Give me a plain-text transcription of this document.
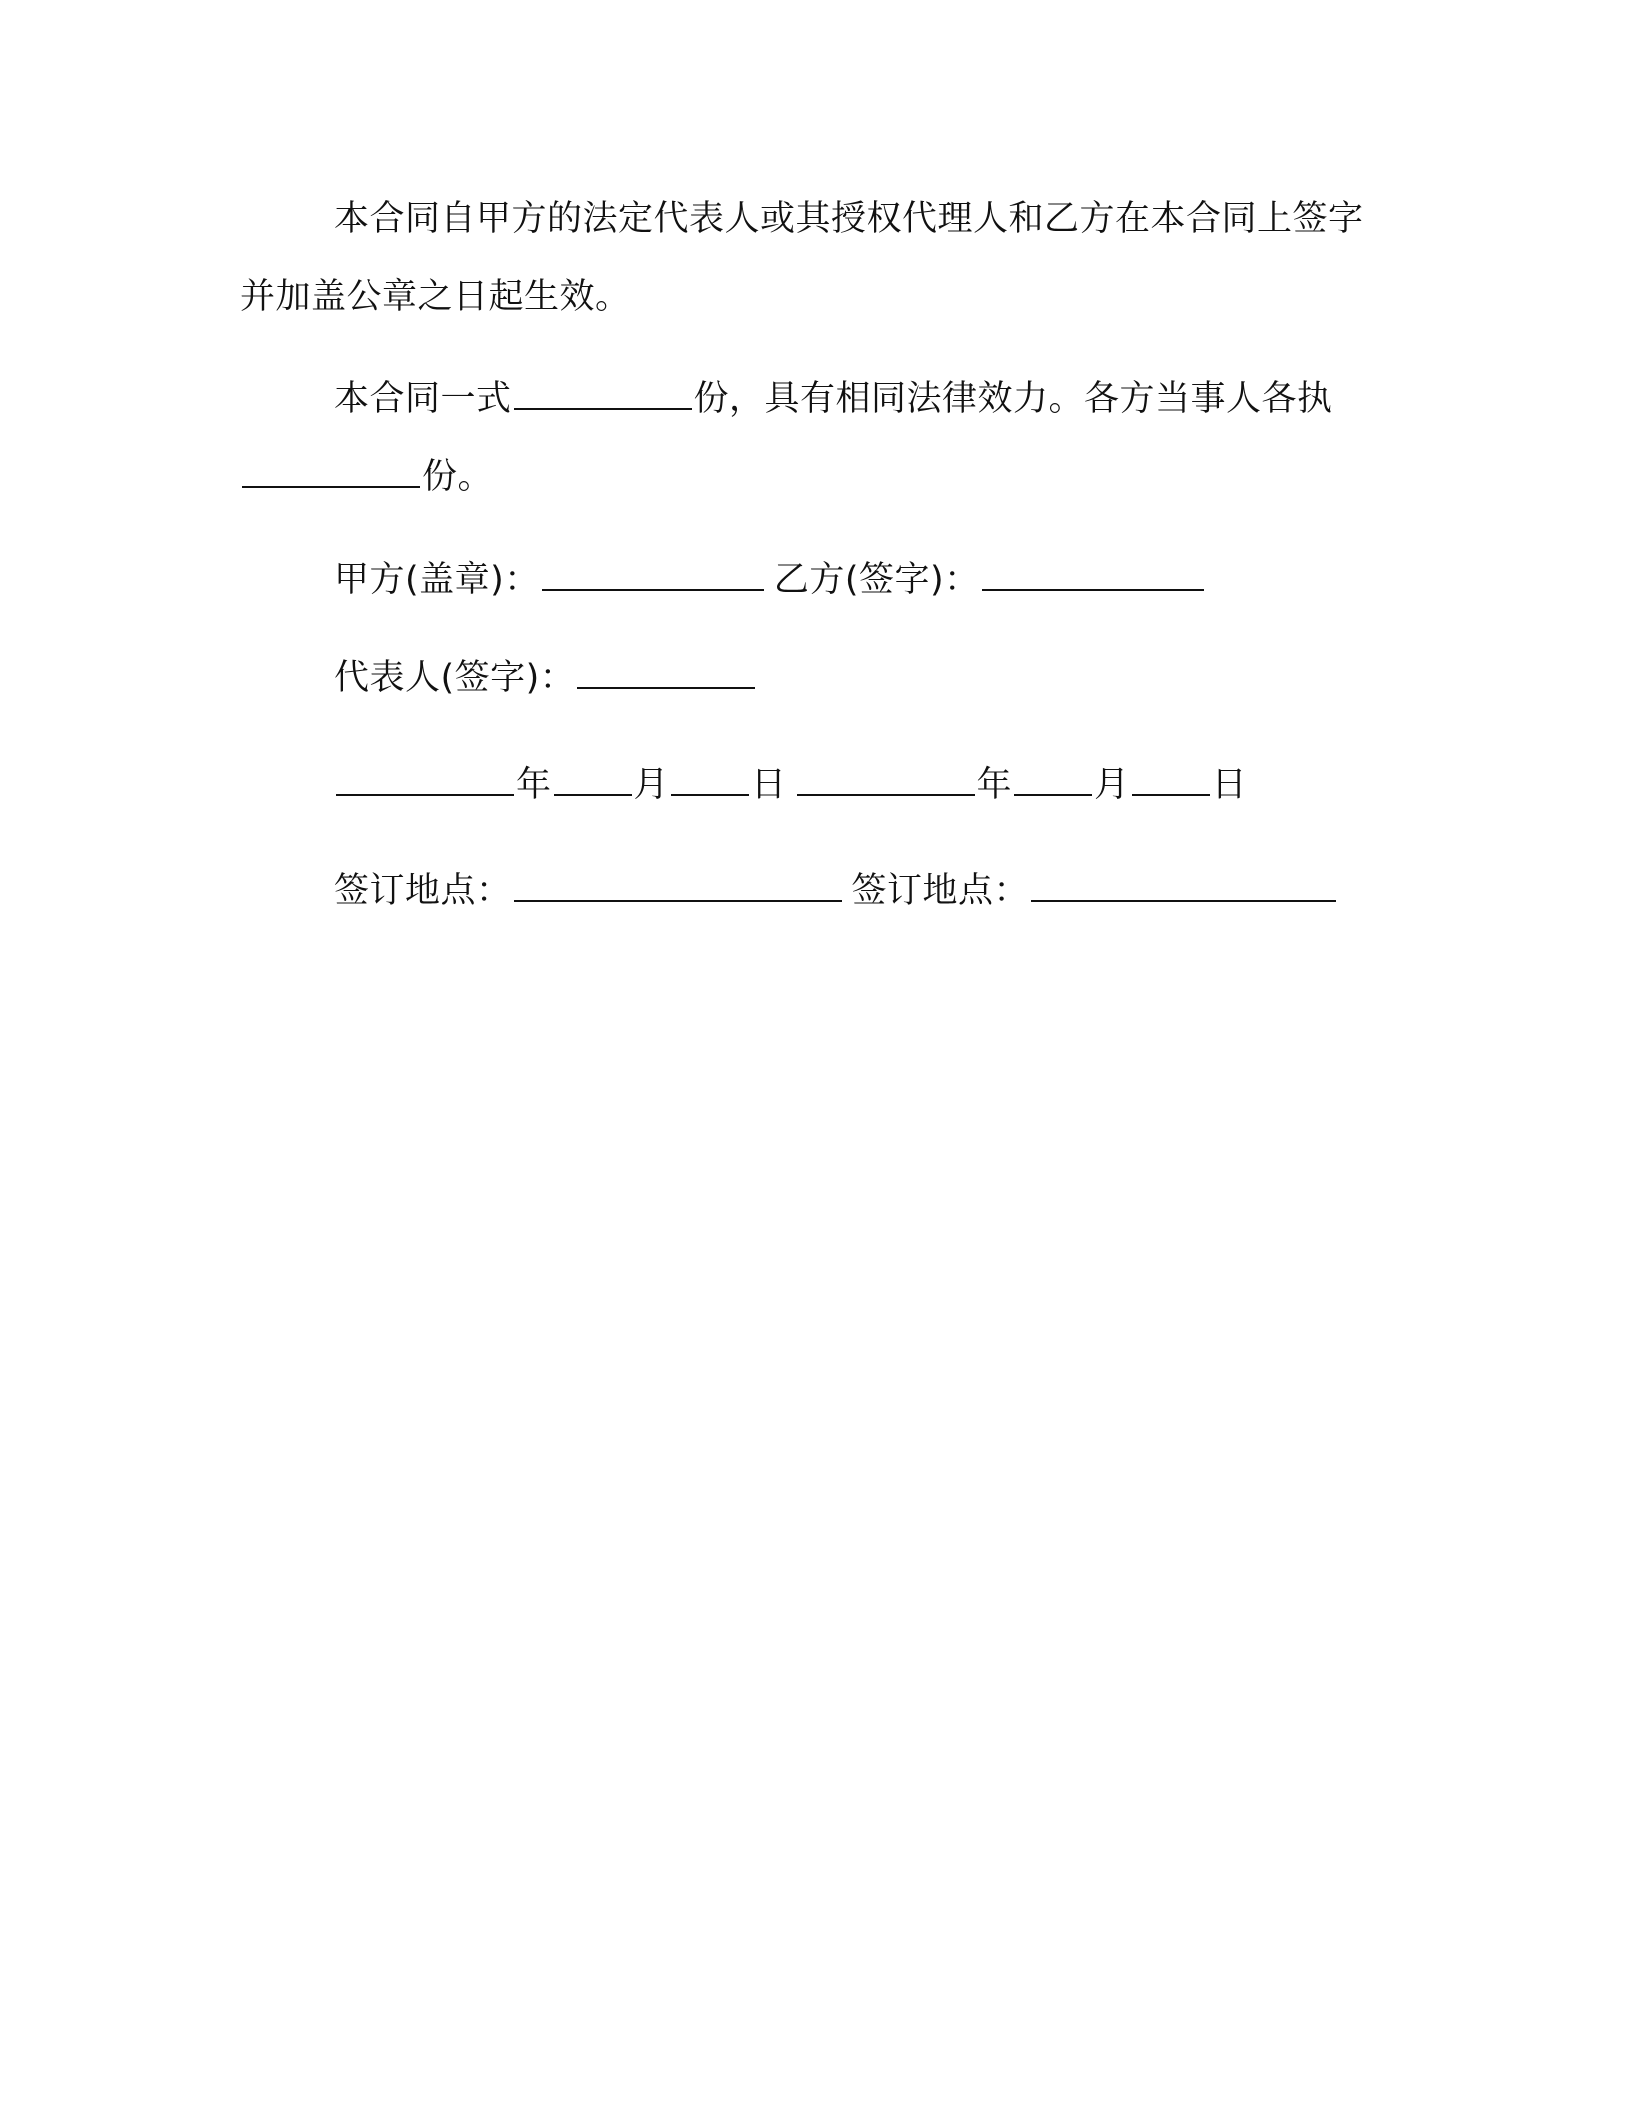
本合同自甲方的法定代表人或其授权代理人和乙方在本合同上签字并加盖公章之日起生效。

本合同一式	份，具有相同法律效力。各方当事人各执份。

甲方(盖章)：	乙方(签字)：
代表人(签字)：
年 月 日	年 月 日
签订地点：	签订地点：
